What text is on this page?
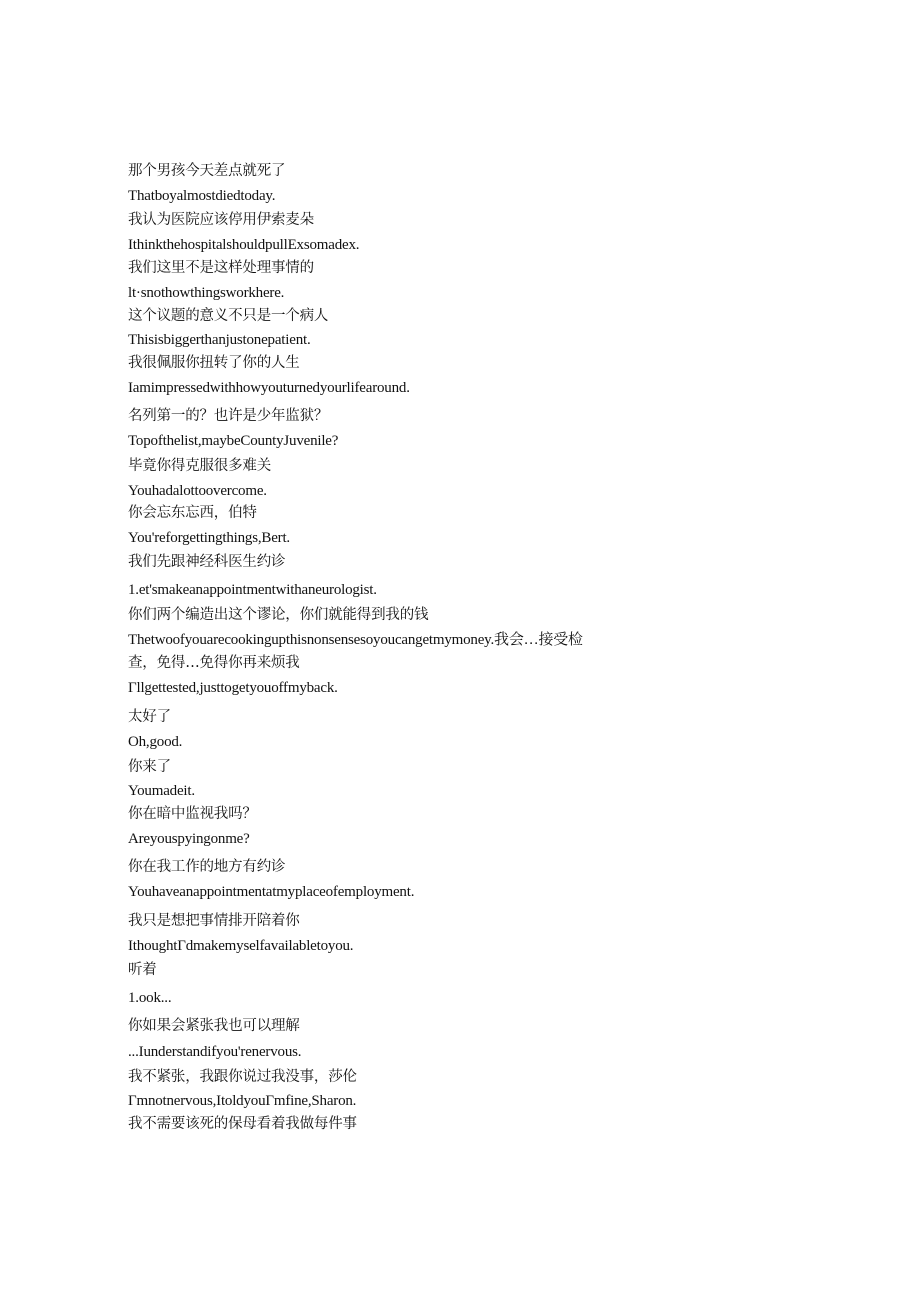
那个男孩今天差点就死了

Thatboyalmostdiedtoday.

我认为医院应该停用伊索麦朵

IthinkthehospitalshouldpullExsomadex.

我们这里不是这样处理事情的

lt·snothowthingsworkhere.

这个议题的意义不只是一个病人

Thisisbiggerthanjustonepatient.

我很佩服你扭转了你的人生

Iamimpressedwithhowyouturnedyourlifearound.

名列第一的？也许是少年监狱？

Topofthelist,maybeCountyJuvenile?

毕竟你得克服很多难关

Youhadalottoovercome.

你会忘东忘西，伯特

You'reforgettingthings,Bert.

我们先跟神经科医生约诊

1.et'smakeanappointmentwithaneurologist.

你们两个编造出这个谬论，你们就能得到我的钱

Thetwoofyouarecookingupthisnonsensesoyoucangetmymoney.我会…接受检

查，免得…免得你再来烦我

Γllgettested,justtogetyouoffmyback.

太好了

Oh,good.

你来了

Youmadeit.

你在暗中监视我吗？

Areyouspyingonme?

你在我工作的地方有约诊

Youhaveanappointmentatmyplaceofemployment.

我只是想把事情排开陪着你

IthoughtΓdmakemyselfavailabletoyou.

听着

1.ook...

你如果会紧张我也可以理解

...Iunderstandifyou'renervous.

我不紧张，我跟你说过我没事，莎伦

Γmnotnervous,ItoldyouΓmfine,Sharon.

我不需要该死的保母看着我做每件事
